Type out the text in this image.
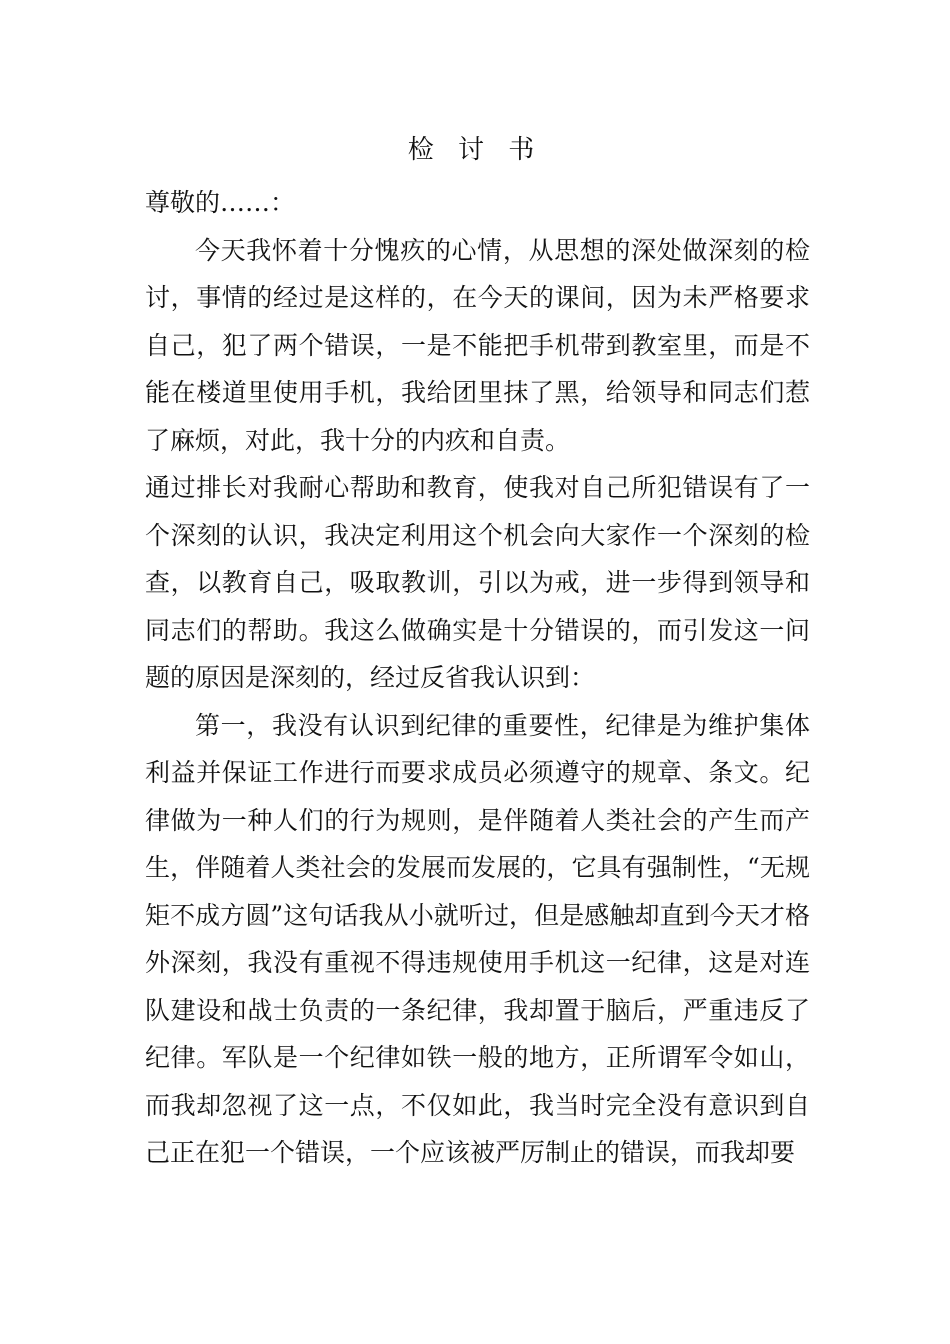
检 讨 书

尊敬的……：

今天我怀着十分愧疚的心情，从思想的深处做深刻的检讨，事情的经过是这样的，在今天的课间，因为未严格要求自己，犯了两个错误，一是不能把手机带到教室里，而是不能在楼道里使用手机，我给团里抹了黑，给领导和同志们惹了麻烦，对此，我十分的内疚和自责。

通过排长对我耐心帮助和教育，使我对自己所犯错误有了一个深刻的认识，我决定利用这个机会向大家作一个深刻的检查，以教育自己，吸取教训，引以为戒，进一步得到领导和同志们的帮助。我这么做确实是十分错误的，而引发这一问题的原因是深刻的，经过反省我认识到：

第一，我没有认识到纪律的重要性，纪律是为维护集体利益并保证工作进行而要求成员必须遵守的规章、条文。纪律做为一种人们的行为规则，是伴随着人类社会的产生而产生，伴随着人类社会的发展而发展的，它具有强制性，“无规矩不成方圆”这句话我从小就听过，但是感触却直到今天才格外深刻，我没有重视不得违规使用手机这一纪律，这是对连队建设和战士负责的一条纪律，我却置于脑后，严重违反了纪律。军队是一个纪律如铁一般的地方，正所谓军令如山，而我却忽视了这一点，不仅如此，我当时完全没有意识到自己正在犯一个错误，一个应该被严厉制止的错误，而我却要
